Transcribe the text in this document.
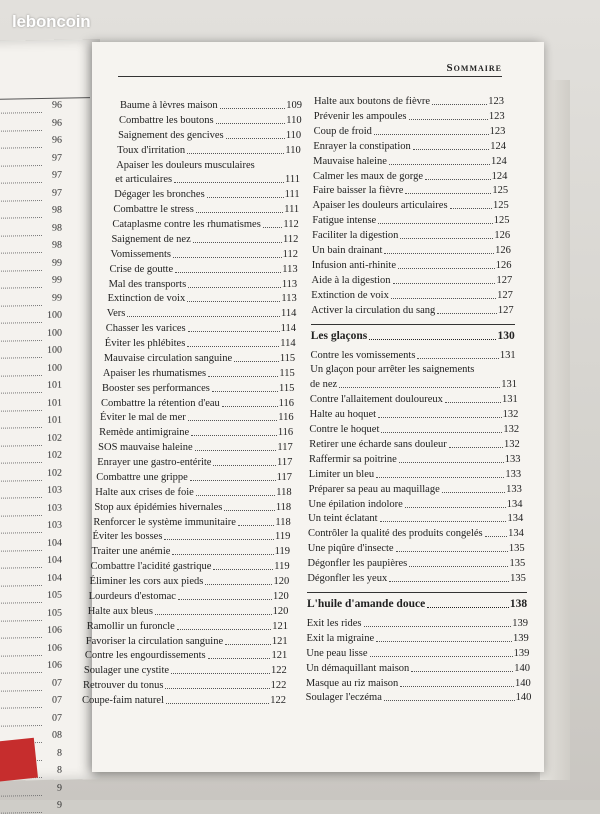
96
96
96
97
97
97
98
98
98
99
99
99
100
100
100
100
101
101
101
102
102
102
103
103
103
104
104
104
105
105
106
106
106
07
07
07
08
8
8
9
9
Sommaire
Baume à lèvres maison	109
Combattre les boutons	110
Saignement des gencives	110
Toux d'irritation	110
Apaiser les douleurs musculaires
et articulaires	111
Dégager les bronches	111
Combattre le stress	111
Cataplasme contre les rhumatismes 112
Saignement de nez	112
Vomissements	112
Crise de goutte	113
Mal des transports	113
Extinction de voix	113
Vers	114
Chasser les varices	114
Éviter les phlébites	114
Mauvaise circulation sanguine	115
Apaiser les rhumatismes	115
Booster ses performances	115
Combattre la rétention d'eau	116
Éviter le mal de mer	116
Remède antimigraine	116
SOS mauvaise haleine	117
Enrayer une gastro-entérite	117
Combattre une grippe	117
Halte aux crises de foie	118
Stop aux épidémies hivernales	118
Renforcer le système immunitaire	118
Éviter les bosses	119
Traiter une anémie	119
Combattre l'acidité gastrique	119
Éliminer les cors aux pieds	120
Lourdeurs d'estomac	120
Halte aux bleus	120
Ramollir un furoncle	121
Favoriser la circulation sanguine	121
Contre les engourdissements	121
Soulager une cystite	122
Retrouver du tonus	122
Coupe-faim naturel	122
Halte aux boutons de fièvre	123
Prévenir les ampoules	123
Coup de froid	123
Enrayer la constipation	124
Mauvaise haleine	124
Calmer les maux de gorge	124
Faire baisser la fièvre	125
Apaiser les douleurs articulaires	125
Fatigue intense	125
Faciliter la digestion	126
Un bain drainant	126
Infusion anti-rhinite	126
Aide à la digestion	127
Extinction de voix	127
Activer la circulation du sang	127
Les glaçons	130
Contre les vomissements	131
Un glaçon pour arrêter les saignements
de nez	131
Contre l'allaitement douloureux	131
Halte au hoquet	132
Contre le hoquet	132
Retirer une écharde sans douleur	132
Raffermir sa poitrine	133
Limiter un bleu	133
Préparer sa peau au maquillage	133
Une épilation indolore	134
Un teint éclatant	134
Contrôler la qualité des produits congelés 134
Une piqûre d'insecte	135
Dégonfler les paupières	135
Dégonfler les yeux	135
L'huile d'amande douce	138
Exit les rides	139
Exit la migraine	139
Une peau lisse	139
Un démaquillant maison	140
Masque au riz maison	140
Soulager l'eczéma	140
leboncoin
